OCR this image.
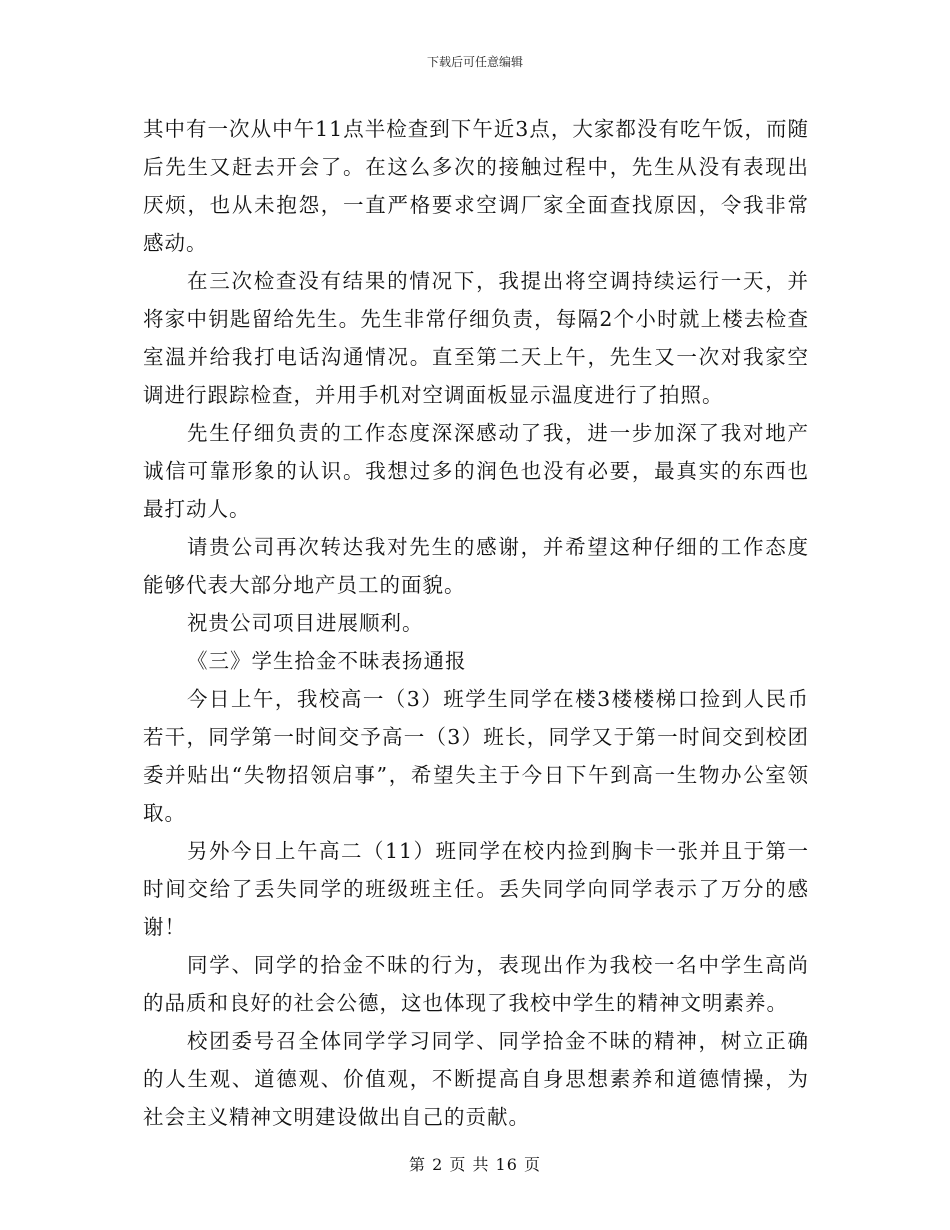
下载后可任意编辑

其中有一次从中午11点半检查到下午近3点，大家都没有吃午饭，而随后先生又赶去开会了。在这么多次的接触过程中，先生从没有表现出厌烦，也从未抱怨，一直严格要求空调厂家全面查找原因，令我非常感动。

在三次检查没有结果的情况下，我提出将空调持续运行一天，并将家中钥匙留给先生。先生非常仔细负责，每隔2个小时就上楼去检查室温并给我打电话沟通情况。直至第二天上午，先生又一次对我家空调进行跟踪检查，并用手机对空调面板显示温度进行了拍照。

先生仔细负责的工作态度深深感动了我，进一步加深了我对地产诚信可靠形象的认识。我想过多的润色也没有必要，最真实的东西也最打动人。

请贵公司再次转达我对先生的感谢，并希望这种仔细的工作态度能够代表大部分地产员工的面貌。

祝贵公司项目进展顺利。

《三》学生拾金不昧表扬通报

今日上午，我校高一（3）班学生同学在楼3楼楼梯口捡到人民币若干，同学第一时间交予高一（3）班长，同学又于第一时间交到校团委并贴出“失物招领启事”，希望失主于今日下午到高一生物办公室领取。

另外今日上午高二（11）班同学在校内捡到胸卡一张并且于第一时间交给了丢失同学的班级班主任。丢失同学向同学表示了万分的感谢！

同学、同学的拾金不昧的行为，表现出作为我校一名中学生高尚的品质和良好的社会公德，这也体现了我校中学生的精神文明素养。

校团委号召全体同学学习同学、同学拾金不昧的精神，树立正确的人生观、道德观、价值观，不断提高自身思想素养和道德情操，为社会主义精神文明建设做出自己的贡献。

第 2 页 共 16 页
